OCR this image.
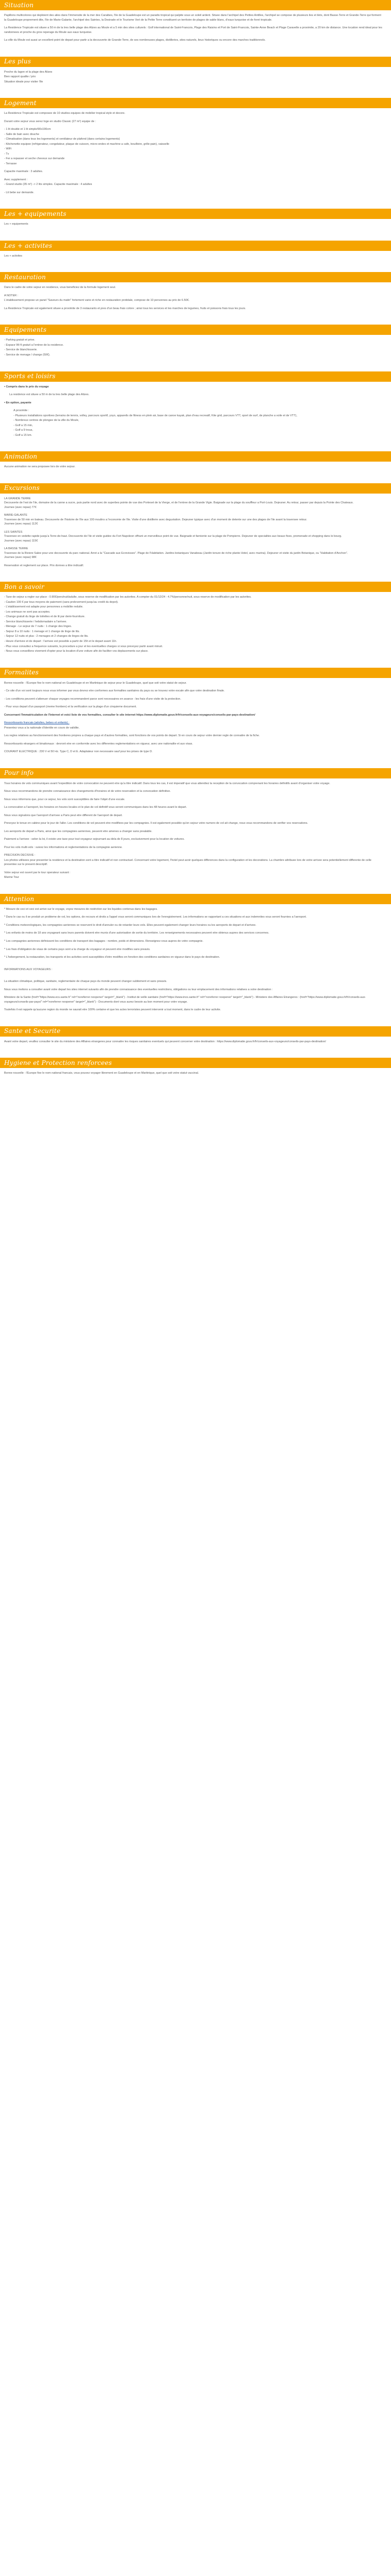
Situation

Papillons multicolores qui deploient des ailes dans l'immensite de la mer des Caraibes, l'ile de la Guadeloupe est un paradis tropical qui palpite sous un soleil ardent. Situee dans l'archipel des Petites Antilles, l'archipel se compose de plusieurs iles et ilets, dont Basse-Terre et Grande-Terre qui forment la Guadeloupe proprement dite, l'ile de Marie-Galante, l'archipel des Saintes, la Desirade et le Tourisme Vert de la Petite Terre constituent un territoire de plages de sable blanc, d'eaux turquoise et de foret tropicale.

La Residence Tropicale est situee a 50 m de la tres belle plage des Alizes au Moule et a 5 min des sites culturels : Golf international de Saint-Francois, Plage des Raisins et Port de Saint-Francois, Sainte-Anne Beach et Plage Caravelle a proximite, a 20 km de distance. Une location rend ideal pour les randonnees et proche du gros reperage du Moule aux eaux turquoise.

La ville du Moule est aussi un excellent point de depart pour partir a la decouverte de Grande-Terre, de ses nombreuses plages, distilleries, sites naturels, lieux historiques ou encore des marches traditionnels.

Les plus
Proche du lagon et la plage des Alizes
Bien rapport qualite / prix
Situation ideale pour visiter l'ile
Logement

La Residence Tropicale est composee de 10 studios equipes de mobilier tropical style et decore.

Durant votre sejour vous serez loge en studio Classic (27 m²) equipe de :

- 1 lit double et 1 lit simple/90x190cm
- Salle de bain avec douche
- Climatisation (dans tous les logements) et ventilateur de plafond (dans certains logements)
- Kitchenette equipee (refrigerateur, congelateur, plaque de cuisson, micro-ondes et machine a cafe, bouilloire, grille-pain), vaisselle
- WiFi
- Tv
- Fer a repasser et seche cheveux sur demande
- Terrasse

Capacite maximale : 3 adultes.

Avec supplement :

- Grand studio (35 m²) -> 2 lits simples. Capacite maximale : 4 adultes

- Lit bebe sur demande.

Les + equipements

Les + equipements

Les + activites

Les + activites

Restauration

Dans le cadre de votre sejour en residence, vous beneficiez de la formule logement seul.

A NOTER :

L'etablissement propose un panel "Saveurs du matin" fortement varie et riche en restauration protidale, compose de 10 personnes au prix de 6.50€.

La Residence Tropicale est egalement situee a proximite de 3 restaurants et pres d'un beau frais colore ; ainsi tous les services et les marches de legumes, fruits et poissons frais tous les jours.

Equipements
- Parking gratuit et prive.
- Espace Wi-fi gratuit a l'entree de la residence.
- Service de blanchisserie.
- Service de menage / change (50€).
Sports et loisirs

• Compris dans le prix du voyage

La residence est situee a 50 m de la tres belle plage des Alizes.

• En option, payante

A proximite :

- Plusieurs installations sportives (terrains de tennis, volley, parcours sportif, yoyo, appareils de fitness en plein air, base de canoe kayak, plan d'eau recreatif, Kite grid, parcours VTT, sport de surf, de planche a voile et de VTT),

- Nombreux centres de plongee de la ville du Moule,

- Golf a 15 min,

- Golf a 9 trous,

- Golf a 15 km.

Animation

Aucune animation ne sera proposee lors de votre sejour.

Excursions

LA GRANDE TERRE

Decouverte de l'est de l'ile, domaine de la canne a sucre, puis partie nord avec de superbes pointe de vue des Porteset de la Vierge, et de l'entree de la Grande Vigie. Baignade sur la plage du souffleur a Port-Louis. Dejeuner. Au retour, passer par depuis la Pointe des Chateaux.

Journee (avec repas) 77€

MARIE-GALANTE

Traversee de 50 min en bateau. Decouverte de l'histoire de l'ile aux 100 moulins a l'economie de l'ile. Visite d'une distillerie avec degustation. Dejeuner typique avec d'un moment de detente sur une des plages de l'ile avant la traversee retour.

Journee (avec repas) 112€

LES SAINTES

Traversee en vedette rapide jusqu'a Terre-de-haut. Decouverte de l'ile et visite guidee du Fort Napoleon offrant un merveilleux point de vue. Baignade et farniente sur la plage de Pompierre. Dejeuner de specialites aux beaux fixes, promenade et shopping dans le bourg.

Journee (avec repas) 115€

LA BASSE TERRE

Traversee de la Riviere Salee pour une decouverte du parc national. Arret a la "Cascade aux Ecrevisses". Plage de l'Habitation. Jardins botaniques Vanabeau (Jardin tenure de riche plante Hotel, avec marina). Dejeuner et visite du jardin Botanique, ou "Habitation d'Anchon".

Journee (avec repas) 98€

Reservation et reglement sur place. Prix donnes a titre indicatif.

Bon a savoir
- Taxe de sejour a regler sur place : 0.90€/pers/nuit/adulte, sous reserve de modification par les autorites. A compter du 01/12/24 : 4.7%/personne/nuit, sous reserve de modification par les autorites.
- Caution 100 € par tous moyens de paiement (sans prelevement jusqu'au credit du depot).
- L'etablissement est adapte pour personnes a mobilite reduite.
- Les animaux ne sont pas acceptes.
- Change gratuit du linge de toilettes et de lit par demi-fourniture.
- Service blanchisserie / hebdomadaire a l'arrivee.
- Menage - Le sejour de 7 nuits : 1 change des linges.
- Sejour 8 a 10 nuits : 1 menage et 1 change de linge de lits.
- Sejour 12 nuits et plus : 2 menages et 2 changes de linges de lits.
- Heure d'arrivee et de depart : l'arrivee est possible a partir de 15h et le depart avant 11h.
- Plus vous consultez a frequence suivants, la procedure a jour et les eventuelles charges si vous prevoyez partir avant minuit.
- Nous vous conseillons vivement d'opter pour la location d'une voiture afin de faciliter vos deplacements sur place.
Formalites

Bonne nouvelle : l'Europe fixe le nom national en Guadeloupe et en Martinique de sejour pour le Guadeloupe, quel que soit votre statut de sejour.

- Ce site d'un voi sont toujours nous vous informer par vous devrez etre conformes aux formalites sanitaires du pays ou se trouvez votre escale afin que votre destination finale.

- Les conditions peuvent s'attenuer chaque voyages recommandent parce sont necessaires en avance : les frais d'une visite de la protection.

- Pour vous depart d'un passport (meme frontiere) et la verification sur la plage d'un cinquieme document.

Concernant l'Immatriculation de l'Internet et voici liste de vos formalites, consulter le site internet https://www.diplomatie.gouv.fr/fr/conseils-aux-voyageurs/conseils-par-pays-destination/

Ressortissants francais (adultes, bebes et enfants) :

Presentez vous a la nationale d'identite en cours de validite.

Les regles relatives au fonctionnement des frontieres propres a chaque pays et d'autres formalites, sont fonctions de vos points de depart. Si en cours de sejour votre dernier regle de connaitre de la fiche.

Ressortissants etrangers et binationaux : devront etre en conformite avec les differentes reglementations en vigueur, avec une nationalite et aux visas.

COURANT ELECTRIQUE : 230 V et 50 Hz. Type C, D et E. Adaptateur non necessaire sauf pour les prises de type D.

Pour info

Tous horaires de vols communiques avant l'expedition de votre convocation ne peuvent etre qu'a titre indicatif. Dans tous les cas, il est imperatif que vous attendiez la reception de la convocation comprenant les horaires definitifs avant d'organiser votre voyage.

Nous vous recommandons de prendre connaissance des changements d'horaires et de votre reservation et la convocation definitive.

Nous vous informons que, pour ce sejour, les vols sont susceptibles de faire l'objet d'une escale.

La convocation a l'aeroport, les horaires en heures locales et le plan de vol definitif vous seront communiques dans les 48 heures avant le depart.

Nous vous signalons que l'aeroport d'arrivee a Paris peut etre different de l'aeroport de depart.

Prevoyez le tenue en cabine pour le jour de l'aller. Les conditions de vol peuvent etre modifiees par les compagnies. Il est egalement possible qu'en sejour votre numero de vol ait change, nous vous recommandons de verifier vos reservations.

Les aeroports de depart a Paris, ainsi que les compagnies aeriennes, peuvent etre amenes a changer sans prealable.

Paiement a l'arrivee : selon la loi, il existe une taxe pour tout voyageur sejournant au-dela de 8 jours, exclusivement pour la location de voitures.

Pour les vols multi-vols : suivez les informations et reglementations de la compagnie aerienne.

PRECISION DECISIVE :

Les photos utilisees pour presenter la residence et la destination sont a titre indicatif et non contractuel. Concernant votre logement, l'hotel peut avoir quelques differences dans la configuration et les decorations. La chambre attribuee lors de votre arrivee sera potentiellement differente de celle presentee sur le present descriptif.

Votre sejour est ouvert par le tour operateur suivant :

Marine Tour

Attention

* Mesure de ceci et ceci est arrive sur le voyage, voyez mesures de restriction sur les liquides contenus dans les bagages.

* Dans le cas ou il se produit un probleme de vol, les options, de recours et droits a l'appel vous seront communiques lors de l'enregistrement. Les informations se rapportant a ces situations et aux indemnites vous seront fournies a l'aeroport.

* Conditions meteorologiques, les compagnies aeriennes se reservent le droit d'annuler ou de retarder leurs vols. Elles peuvent egalement changer leurs horaires ou les aeroports de depart et d'arrivee.

* Les enfants de moins de 18 ans voyageant sans leurs parents doivent etre munis d'une autorisation de sortie du territoire. Les renseignements necessaires peuvent etre obtenus aupres des services concernes.

* Les compagnies aeriennes definissent les conditions de transport des bagages : nombre, poids et dimensions. Renseignez-vous aupres de votre compagnie.

* Les frais d'obligation de visas de certains pays sont a la charge du voyageur et peuvent etre modifies sans preavis.

* L'hebergement, la restauration, les transports et les activites sont susceptibles d'etre modifies en fonction des conditions sanitaires en vigueur dans le pays de destination.

INFORMATIONS AUX VOYAGEURS :

La situation climatique, politique, sanitaire, reglementaire de chaque pays du monde peuvent changer subitement et sans preavis.

Nous vous invitons a consulter avant votre depart les sites internet suivants afin de prendre connaissance des eventuelles restrictions, obligations ou leur emplacement des informations relatives a votre destination :

Ministere de la Sante (href="https://www.ecs.sante.fr" rel="noreferrer noopener" target="_blank") - Institut de veille sanitaire (href="https://www.invs.sante.fr" rel="noreferrer noopener" target="_blank") - Ministere des Affaires Etrangeres : (href="https://www.diplomatie.gouv.fr/fr/conseils-aux-voyageurs/conseils-par-pays/" rel="noreferrer noopener" target="_blank") - Documents dont vous aurez besoin au bon moment pour votre voyage.

Toutefois il est rappele qu'aucune region du monde ne saurait etre 100% certaine et que les actes terroristes peuvent intervenir a tout moment, dans le cadre de leur activite.

Sante et Securite

Avant votre depart, veuillez consulter le site du ministere des Affaires etrangeres pour connaitre les risques sanitaires eventuels qui peuvent concerner votre destination : https://www.diplomatie.gouv.fr/fr/conseils-aux-voyageurs/conseils-par-pays-destination/

Hygiene et Protection renforcees

Bonne nouvelle : l'Europe fixe le nom national francais, vous pouvez voyager librement en Guadeloupe et en Martinique, quel que soit votre statut vaccinal.
